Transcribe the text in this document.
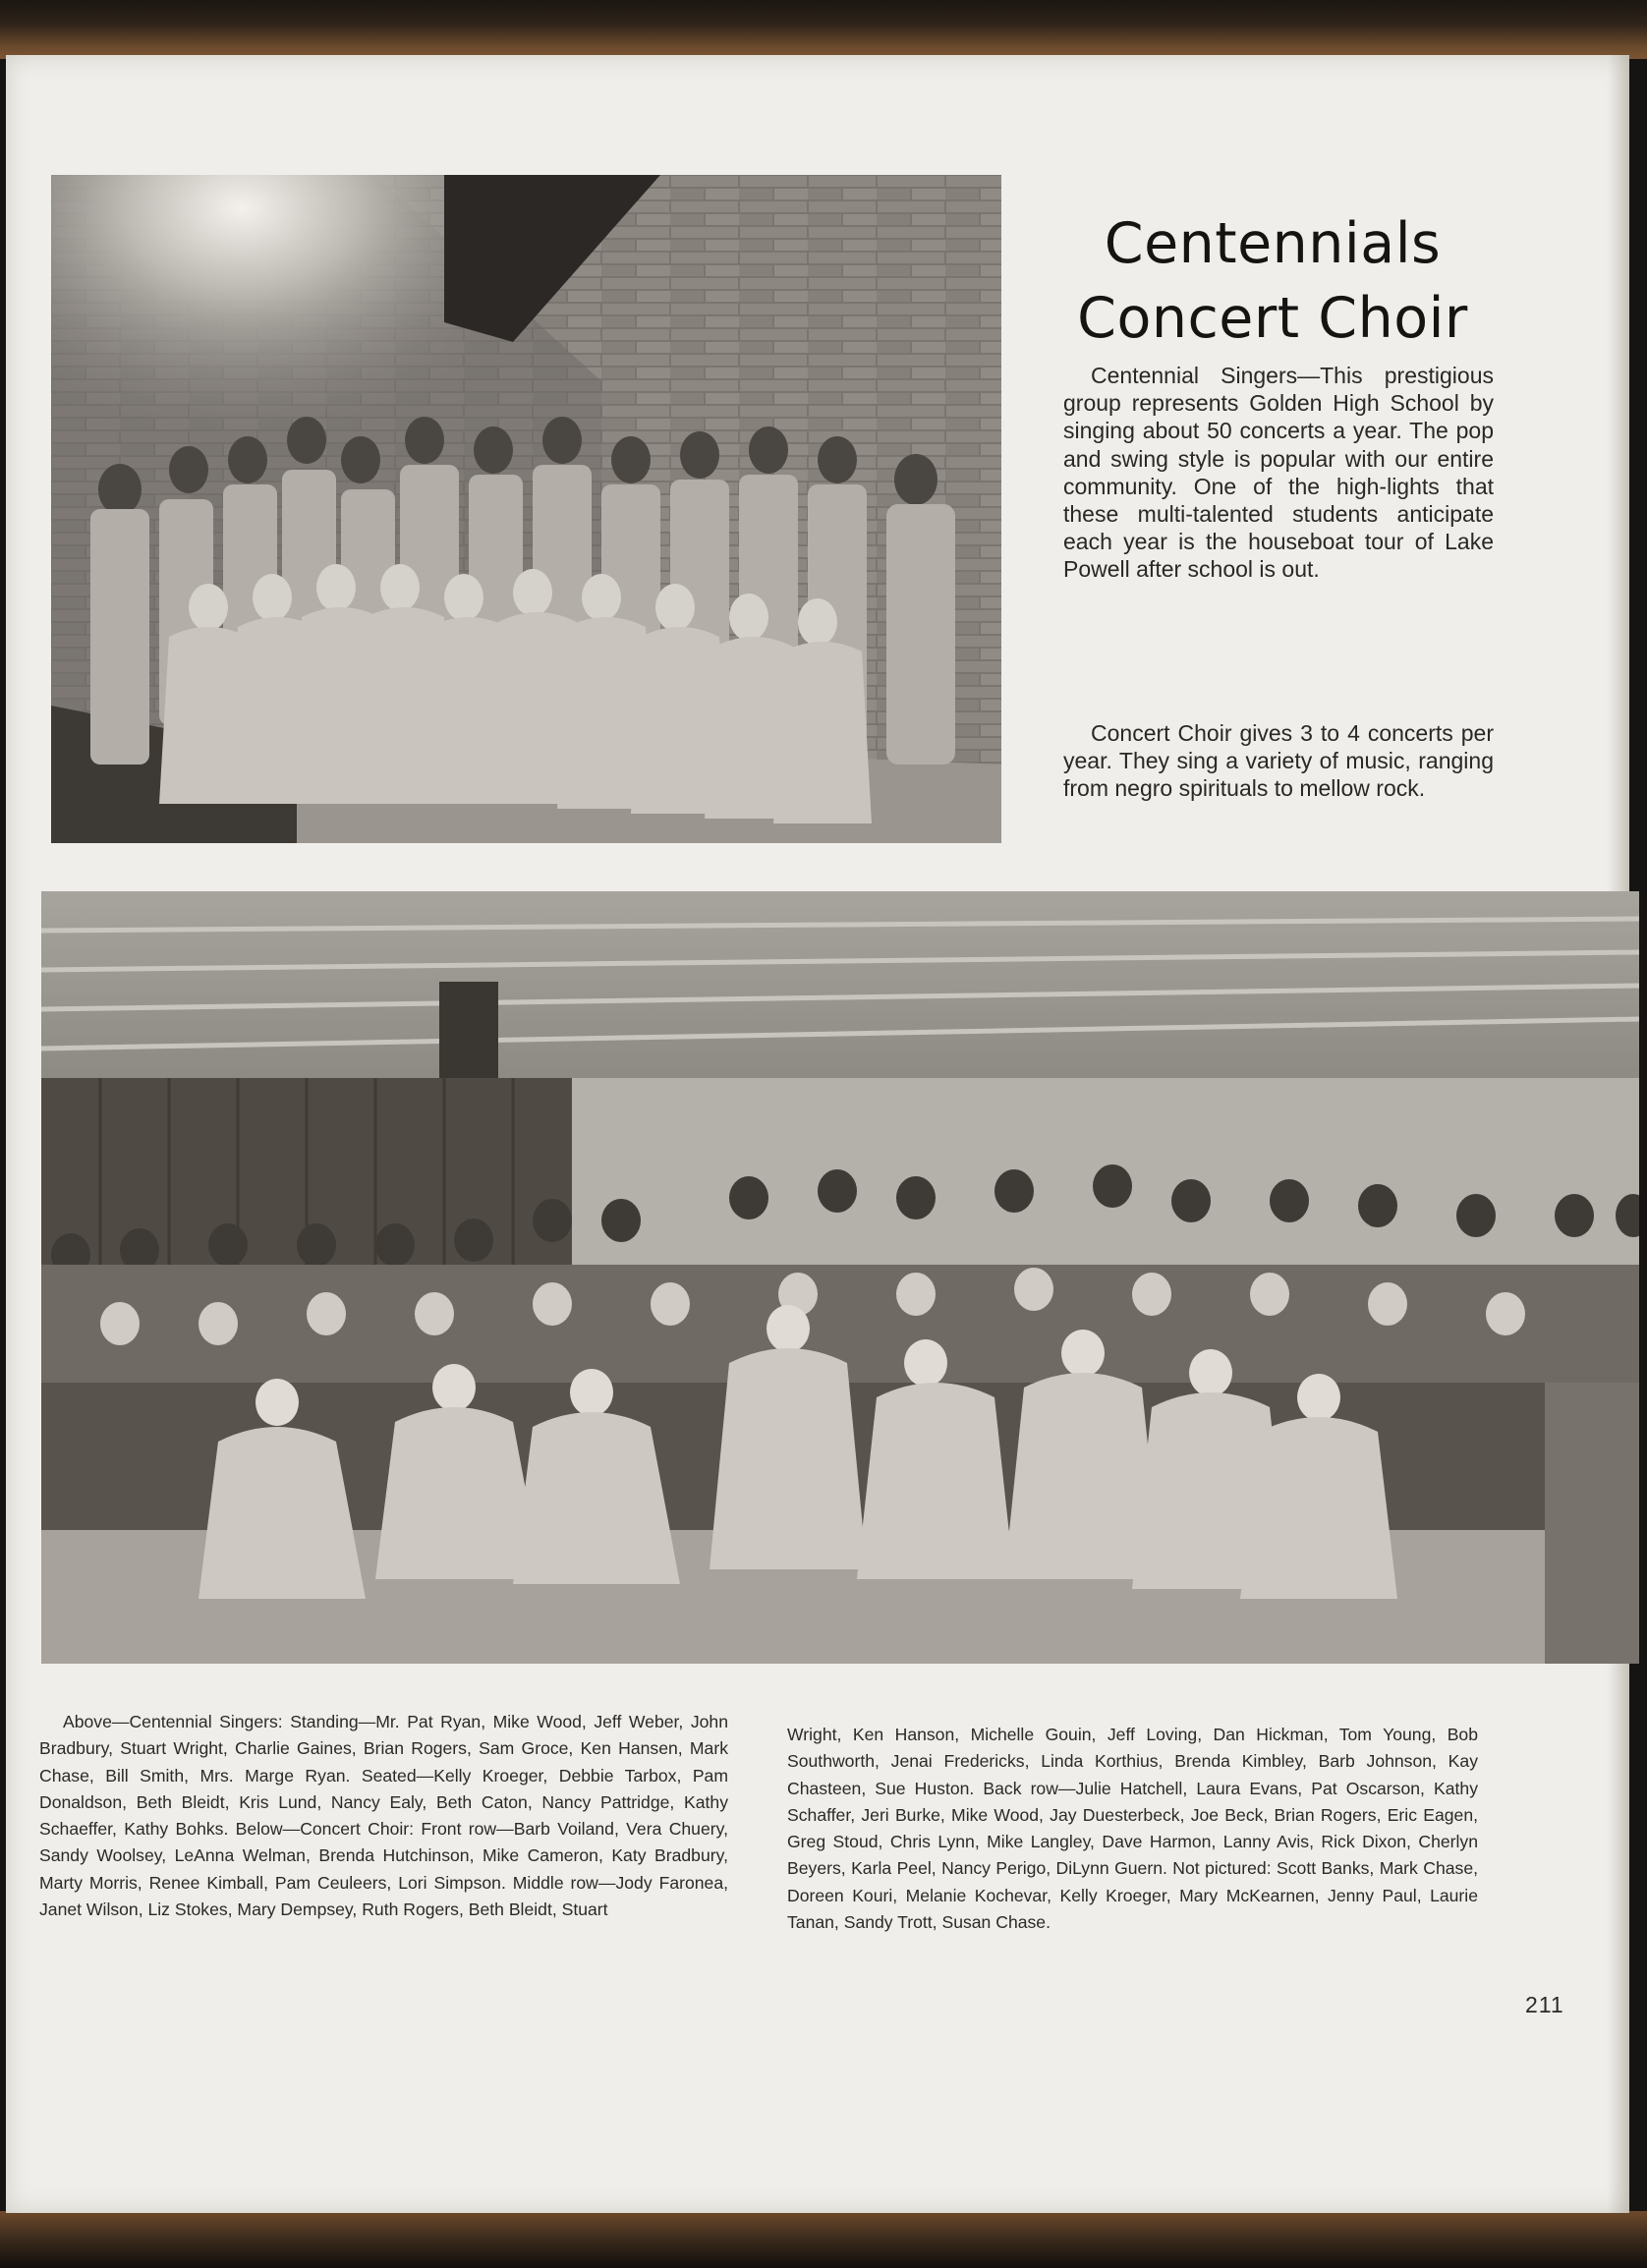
Centennials
Concert Choir
Centennial Singers—This prestigious group represents Golden High School by singing about 50 concerts a year. The pop and swing style is popular with our entire community. One of the high-lights that these multi-talented students anticipate each year is the houseboat tour of Lake Powell after school is out.
Concert Choir gives 3 to 4 concerts per year. They sing a variety of music, ranging from negro spirituals to mellow rock.
Above—Centennial Singers: Standing—Mr. Pat Ryan, Mike Wood, Jeff Weber, John Bradbury, Stuart Wright, Charlie Gaines, Brian Rogers, Sam Groce, Ken Hansen, Mark Chase, Bill Smith, Mrs. Marge Ryan. Seated—Kelly Kroeger, Debbie Tarbox, Pam Donaldson, Beth Bleidt, Kris Lund, Nancy Ealy, Beth Caton, Nancy Pattridge, Kathy Schaeffer, Kathy Bohks. Below—Concert Choir: Front row—Barb Voiland, Vera Chuery, Sandy Woolsey, LeAnna Welman, Brenda Hutchinson, Mike Cameron, Katy Bradbury, Marty Morris, Renee Kimball, Pam Ceuleers, Lori Simpson. Middle row—Jody Faronea, Janet Wilson, Liz Stokes, Mary Dempsey, Ruth Rogers, Beth Bleidt, Stuart
Wright, Ken Hanson, Michelle Gouin, Jeff Loving, Dan Hickman, Tom Young, Bob Southworth, Jenai Fredericks, Linda Korthius, Brenda Kimbley, Barb Johnson, Kay Chasteen, Sue Huston. Back row—Julie Hatchell, Laura Evans, Pat Oscarson, Kathy Schaffer, Jeri Burke, Mike Wood, Jay Duesterbeck, Joe Beck, Brian Rogers, Eric Eagen, Greg Stoud, Chris Lynn, Mike Langley, Dave Harmon, Lanny Avis, Rick Dixon, Cherlyn Beyers, Karla Peel, Nancy Perigo, DiLynn Guern. Not pictured: Scott Banks, Mark Chase, Doreen Kouri, Melanie Kochevar, Kelly Kroeger, Mary McKearnen, Jenny Paul, Laurie Tanan, Sandy Trott, Susan Chase.
211
